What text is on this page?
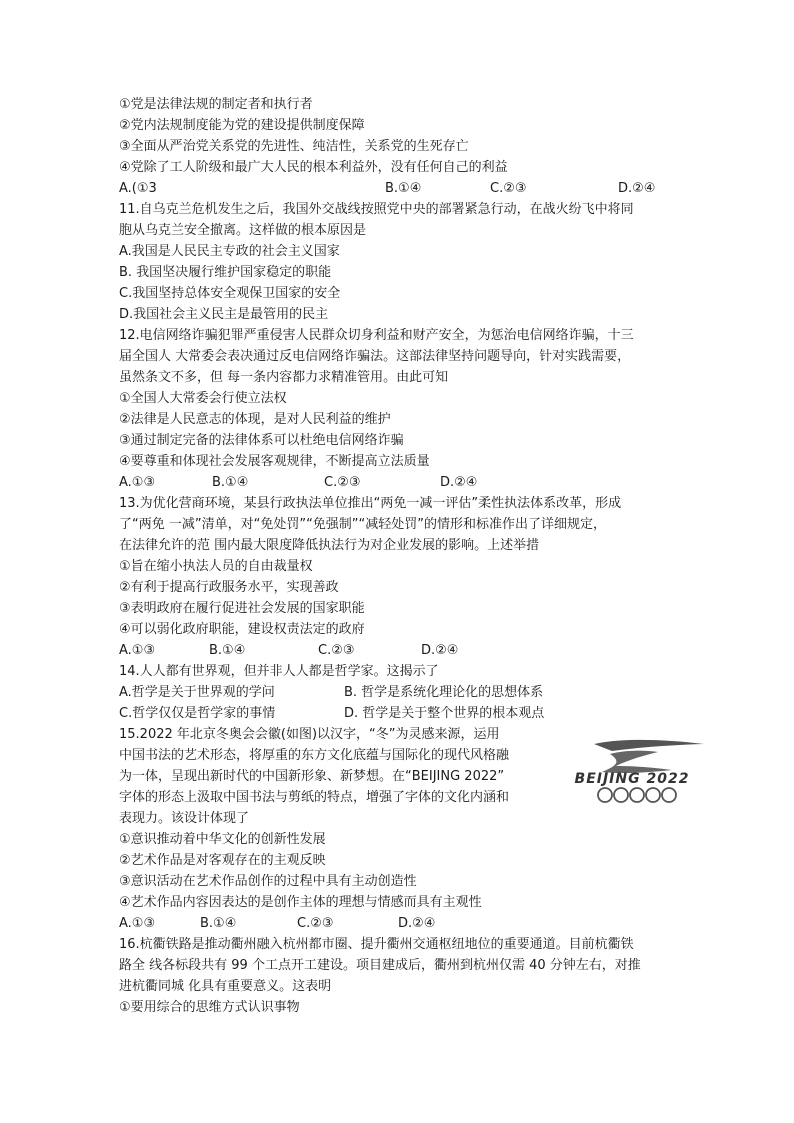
①党是法律法规的制定者和执行者
②党内法规制度能为党的建设提供制度保障
③全面从严治党关系党的先进性、纯洁性，关系党的生死存亡
④党除了工人阶级和最广大人民的根本利益外，没有任何自己的利益
A.(①3	B.①④	C.②③	D.②④
11.自乌克兰危机发生之后，我国外交战线按照党中央的部署紧急行动，在战火纷飞中将同
胞从乌克兰安全撤离。这样做的根本原因是
A.我国是人民民主专政的社会主义国家
B. 我国坚决履行维护国家稳定的职能
C.我国坚持总体安全观保卫国家的安全
D.我国社会主义民主是最管用的民主
12.电信网络诈骗犯罪严重侵害人民群众切身利益和财产安全，为惩治电信网络诈骗，十三
届全国人 大常委会表决通过反电信网络诈骗法。这部法律坚持问题导向，针对实践需要，
虽然条文不多，但 每一条内容都力求精准管用。由此可知
①全国人大常委会行使立法权
②法律是人民意志的体现，是对人民利益的维护
③通过制定完备的法律体系可以杜绝电信网络诈骗
④要尊重和体现社会发展客观规律，不断提高立法质量
A.①③	B.①④	C.②③	D.②④
13.为优化营商环境，某县行政执法单位推出“两免一减一评估”柔性执法体系改革，形成
了“两免 一减”清单，对“免处罚”“免强制”“减轻处罚”的情形和标准作出了详细规定，
在法律允许的范 围内最大限度降低执法行为对企业发展的影响。上述举措
①旨在缩小执法人员的自由裁量权
②有利于提高行政服务水平，实现善政
③表明政府在履行促进社会发展的国家职能
④可以弱化政府职能，建设权责法定的政府
A.①③	B.①④	C.②③	D.②④
14.人人都有世界观，但并非人人都是哲学家。这揭示了
A.哲学是关于世界观的学问	B. 哲学是系统化理论化的思想体系
C.哲学仅仅是哲学家的事情	D. 哲学是关于整个世界的根本观点
15.2022 年北京冬奥会会徽(如图)以汉字，“冬”为灵感来源，运用
中国书法的艺术形态，将厚重的东方文化底蕴与国际化的现代风格融
为一体，呈现出新时代的中国新形象、新梦想。在“BEIJING 2022”
字体的形态上汲取中国书法与剪纸的特点，增强了字体的文化内涵和
表现力。该设计体现了
①意识推动着中华文化的创新性发展
②艺术作品是对客观存在的主观反映
③意识活动在艺术作品创作的过程中具有主动创造性
④艺术作品内容因表达的是创作主体的理想与情感而具有主观性
A.①③	B.①④	C.②③	D.②④
16.杭衢铁路是推动衢州融入杭州都市圈、提升衢州交通枢纽地位的重要通道。目前杭衢铁
路全 线各标段共有 99 个工点开工建设。项目建成后，衢州到杭州仅需 40 分钟左右，对推
进杭衢同城 化具有重要意义。这表明
①要用综合的思维方式认识事物
BEIJING 2022
